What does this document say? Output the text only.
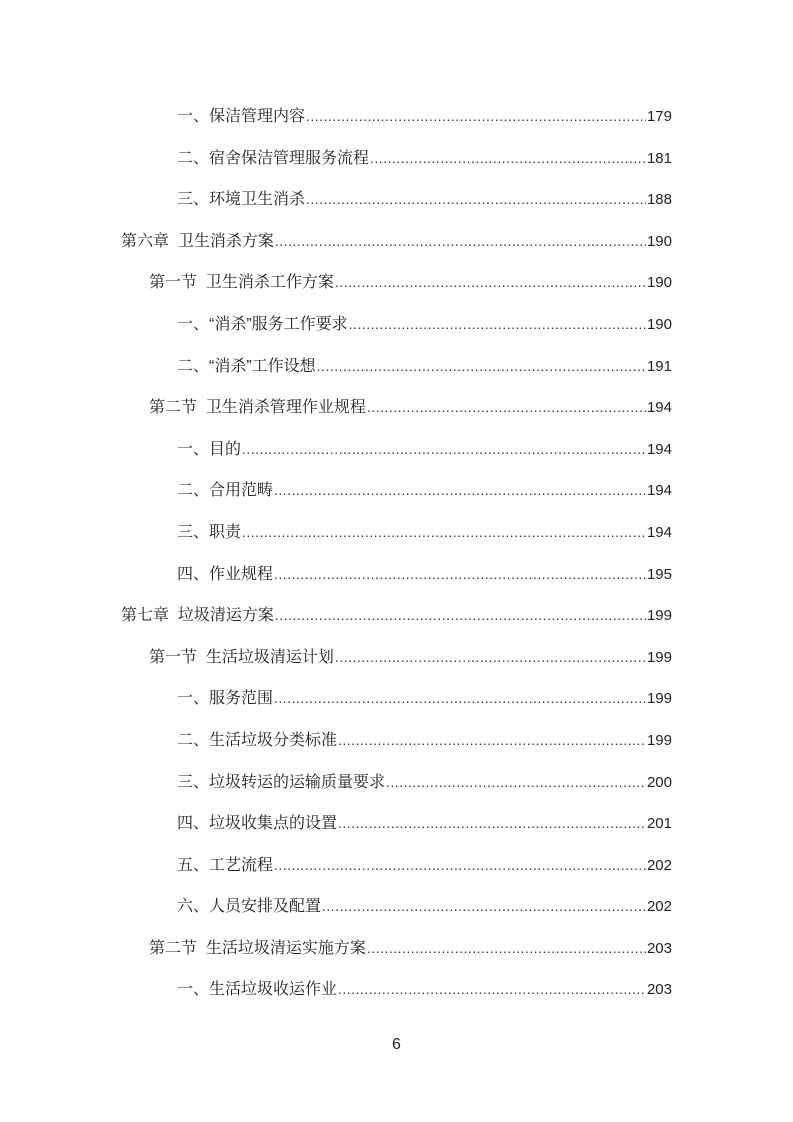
一、保洁管理内容 .....	179
二、宿舍保洁管理服务流程 .....	181
三、环境卫生消杀 .....	188
第六章  卫生消杀方案 .....	190
第一节  卫生消杀工作方案 .....	190
一、“消杀”服务工作要求 .....	190
二、“消杀”工作设想 .....	191
第二节  卫生消杀管理作业规程 .....	194
一、目的 .....	194
二、合用范畴 .....	194
三、职责 .....	194
四、作业规程 .....	195
第七章  垃圾清运方案 .....	199
第一节  生活垃圾清运计划 .....	199
一、服务范围 .....	199
二、生活垃圾分类标准 .....	199
三、垃圾转运的运输质量要求 .....	200
四、垃圾收集点的设置 .....	201
五、工艺流程 .....	202
六、人员安排及配置 .....	202
第二节  生活垃圾清运实施方案 .....	203
一、生活垃圾收运作业 .....	203
6
